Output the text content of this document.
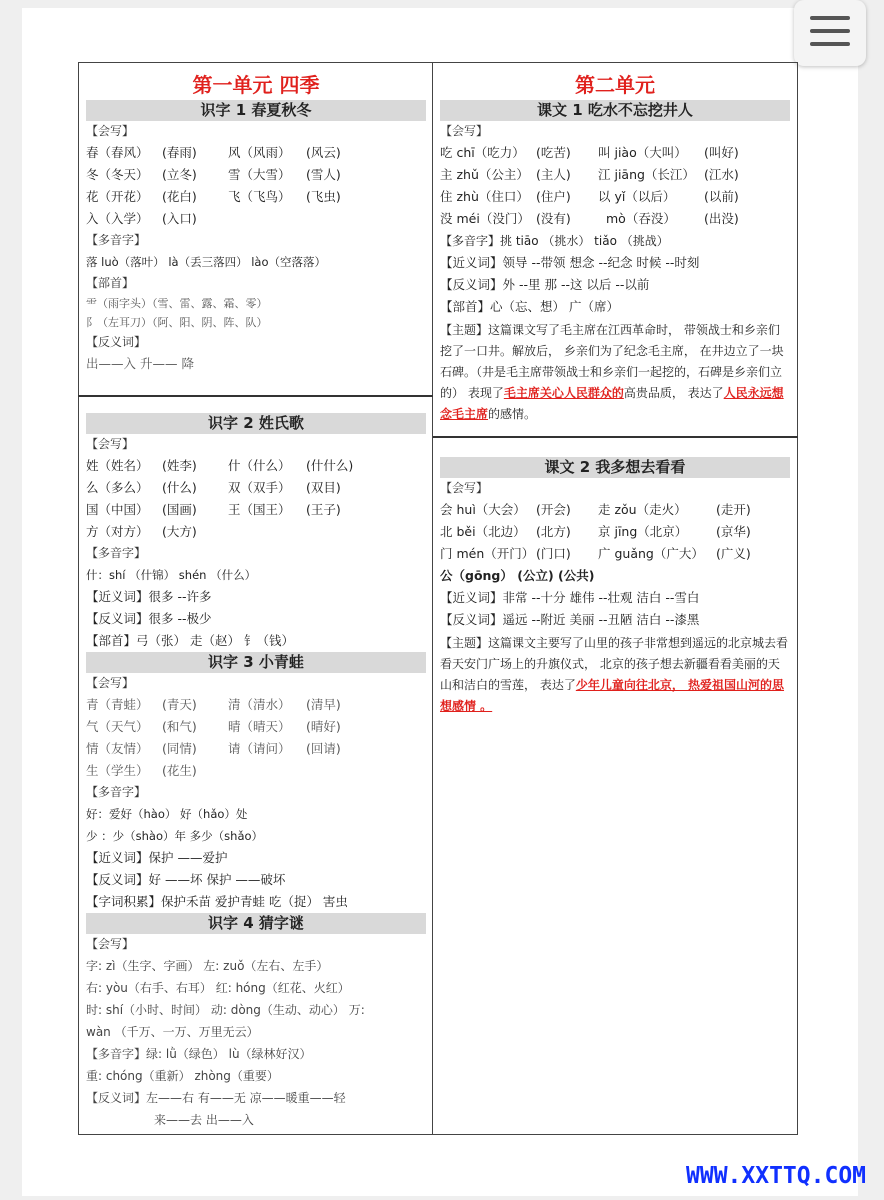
第一单元 四季
识字 1 春夏秋冬
【会写】
春（春风） (春雨) 风（风雨） (风云)
冬（冬天） (立冬) 雪（大雪） (雪人)
花（开花） (花白) 飞（飞鸟） (飞虫)
入（入学） (入口)
【多音字】
落 luò（落叶） là（丢三落四） lào（空落落）
【部首】
⻗（雨字头）（雪、雷、露、霜、零）
⻖（左耳刀）（阿、阳、阴、阵、队）
【反义词】
出——入 升—— 降
识字 2 姓氏歌
【会写】
姓（姓名） (姓李) 什（什么） (什什么)
么（多么） (什么) 双（双手） (双目)
国（中国） (国画) 王（国王） (王子)
方（对方） (大方)
【多音字】
什：shí （什锦） shén （什么）
【近义词】很多 --许多
【反义词】很多 --极少
【部首】弓（张） 走（赵） 钅（钱）
识字 3 小青蛙
【会写】
青（青蛙） (青天) 清（清水） (清早)
气（天气） (和气) 晴（晴天） (晴好)
情（友情） (同情) 请（请问） (回请)
生（学生） (花生)
【多音字】
好：爱好（hào） 好（hǎo）处
少 ：少（shào）年 多少（shǎo）
【近义词】保护 ——爱护
【反义词】好 ——坏 保护 ——破坏
【字词积累】保护禾苗 爱护青蛙 吃（捉） 害虫
识字 4 猜字谜
【会写】
字: zì（生字、字画） 左: zuǒ（左右、左手）
右: yòu（右手、右耳） 红: hóng（红花、火红）
时: shí（小时、时间） 动: dòng（生动、动心） 万:
wàn （千万、一万、万里无云）
【多音字】绿: lǜ（绿色） lù（绿林好汉）
重: chóng（重新） zhòng（重要）
【反义词】左——右 有——无 凉——暖重——轻
来——去 出——入
第二单元
课文 1 吃水不忘挖井人
【会写】
吃 chī（吃力） (吃苦) 叫 jiào（大叫） (叫好)
主 zhǔ（公主） (主人) 江 jiāng（长江） (江水)
住 zhù（住口） (住户) 以 yǐ（以后） (以前)
没 méi（没门） (没有)	mò（吞没） (出没)
【多音字】挑 tiāo （挑水） tiǎo （挑战）
【近义词】领导 --带领 想念 --纪念 时候 --时刻
【反义词】外 --里 那 --这 以后 --以前
【部首】心（忘、想） 广（席）
【主题】这篇课文写了毛主席在江西革命时， 带领战士和乡亲们挖了一口井。解放后， 乡亲们为了纪念毛主席， 在井边立了一块石碑。（井是毛主席带领战士和乡亲们一起挖的，石碑是乡亲们立的） 表现了毛主席关心人民群众的高贵品质， 表达了人民永远想念毛主席的感情。
课文 2 我多想去看看
【会写】
会 huì（大会） (开会) 走 zǒu（走火） (走开)
北 běi（北边） (北方) 京 jīng（北京） (京华)
门 mén（开门） (门口) 广 guǎng（广大） (广义)
公（gōng） (公立) (公共)
【近义词】非常 --十分 雄伟 --壮观 洁白 --雪白
【反义词】遥远 --附近 美丽 --丑陋 洁白 --漆黑
【主题】这篇课文主要写了山里的孩子非常想到遥远的北京城去看看天安门广场上的升旗仪式， 北京的孩子想去新疆看看美丽的天山和洁白的雪莲， 表达了少年儿童向往北京， 热爱祖国山河的思想感情 。
WWW.XXTTQ.COM
